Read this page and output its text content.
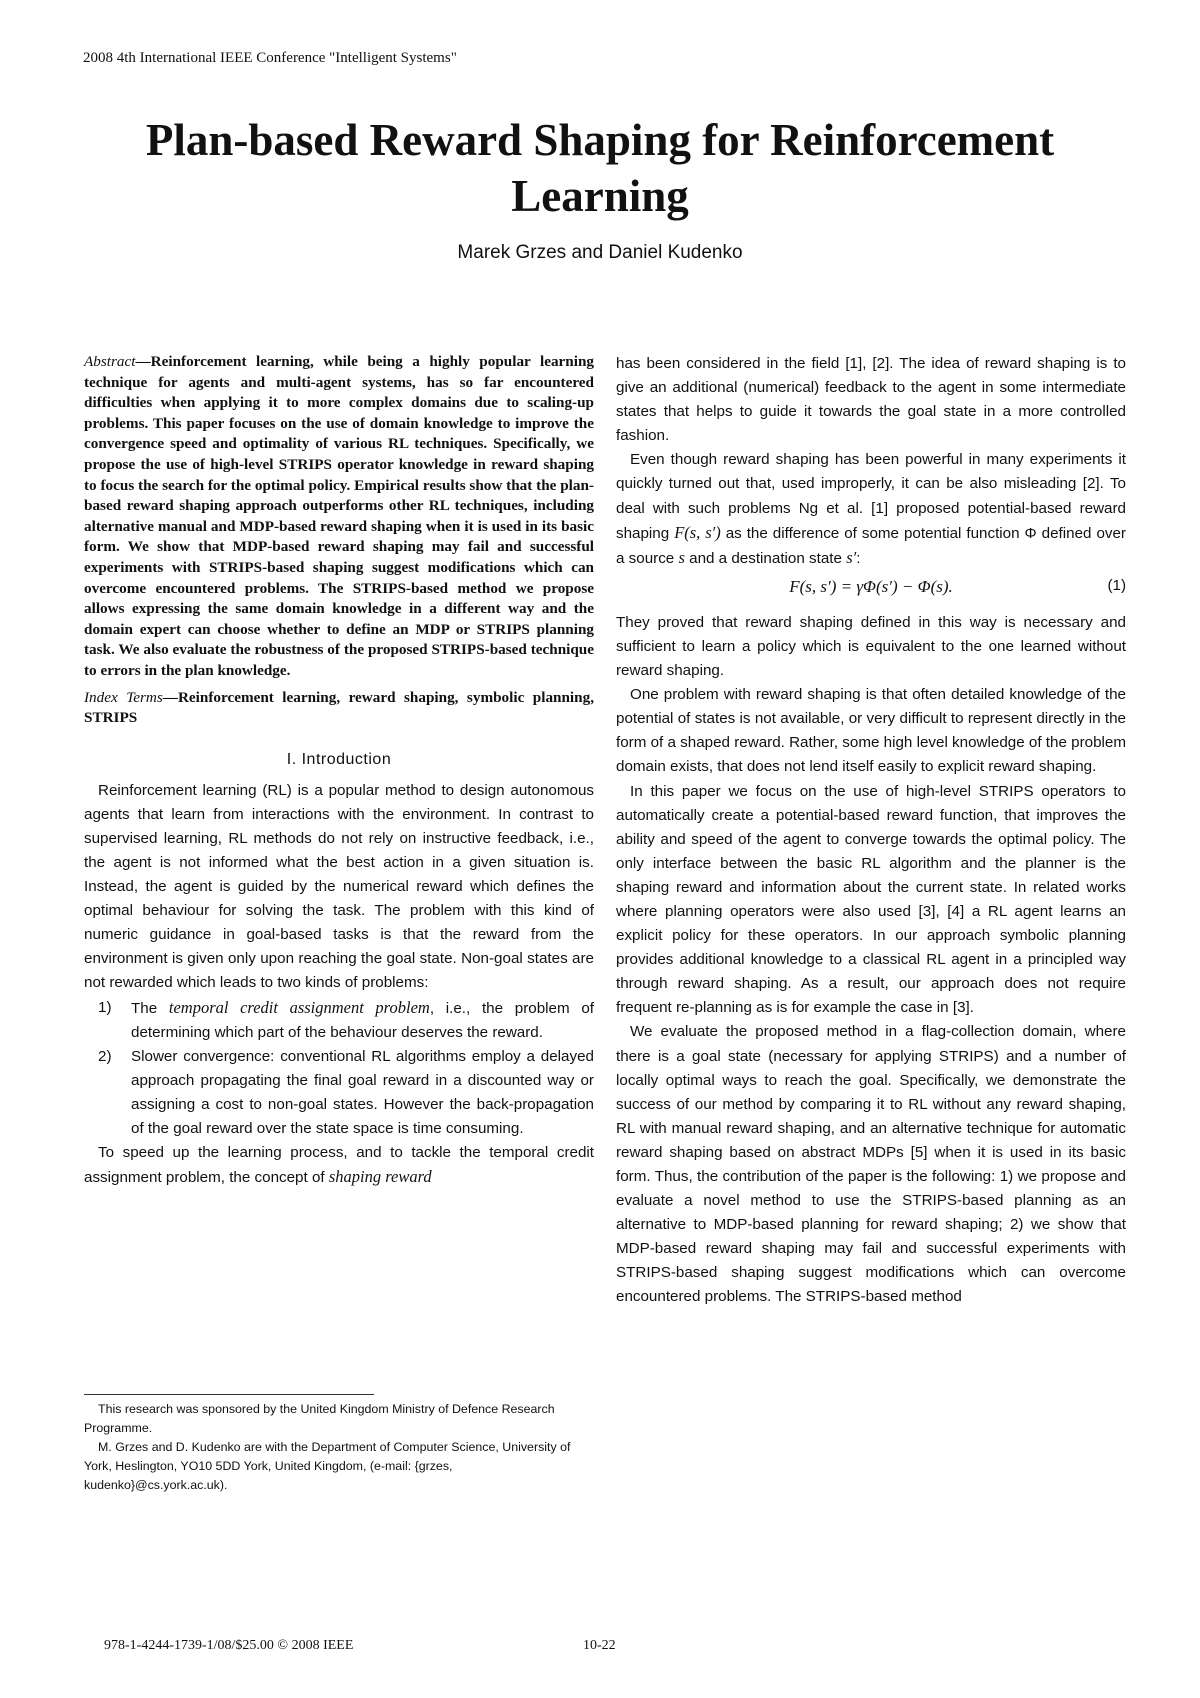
2008 4th International IEEE Conference "Intelligent Systems"
Plan-based Reward Shaping for Reinforcement Learning
Marek Grzes and Daniel Kudenko

Abstract—Reinforcement learning, while being a highly popular learning technique for agents and multi-agent systems, has so far encountered difficulties when applying it to more complex domains due to scaling-up problems. This paper focuses on the use of domain knowledge to improve the convergence speed and optimality of various RL techniques. Specifically, we propose the use of high-level STRIPS operator knowledge in reward shaping to focus the search for the optimal policy. Empirical results show that the plan-based reward shaping approach outperforms other RL techniques, including alternative manual and MDP-based reward shaping when it is used in its basic form. We show that MDP-based reward shaping may fail and successful experiments with STRIPS-based shaping suggest modifications which can overcome encountered problems. The STRIPS-based method we propose allows expressing the same domain knowledge in a different way and the domain expert can choose whether to define an MDP or STRIPS planning task. We also evaluate the robustness of the proposed STRIPS-based technique to errors in the plan knowledge.

Index Terms—Reinforcement learning, reward shaping, symbolic planning, STRIPS

I. Introduction

Reinforcement learning (RL) is a popular method to design autonomous agents that learn from interactions with the environment. In contrast to supervised learning, RL methods do not rely on instructive feedback, i.e., the agent is not informed what the best action in a given situation is. Instead, the agent is guided by the numerical reward which defines the optimal behaviour for solving the task. The problem with this kind of numeric guidance in goal-based tasks is that the reward from the environment is given only upon reaching the goal state. Non-goal states are not rewarded which leads to two kinds of problems:

1) The temporal credit assignment problem, i.e., the problem of determining which part of the behaviour deserves the reward.
2) Slower convergence: conventional RL algorithms employ a delayed approach propagating the final goal reward in a discounted way or assigning a cost to non-goal states. However the back-propagation of the goal reward over the state space is time consuming.

To speed up the learning process, and to tackle the temporal credit assignment problem, the concept of shaping reward

has been considered in the field [1], [2]. The idea of reward shaping is to give an additional (numerical) feedback to the agent in some intermediate states that helps to guide it towards the goal state in a more controlled fashion.

Even though reward shaping has been powerful in many experiments it quickly turned out that, used improperly, it can be also misleading [2]. To deal with such problems Ng et al. [1] proposed potential-based reward shaping F(s, s′) as the difference of some potential function Φ defined over a source s and a destination state s′:

F(s, s′) = γΦ(s′) − Φ(s).	(1)

They proved that reward shaping defined in this way is necessary and sufficient to learn a policy which is equivalent to the one learned without reward shaping.

One problem with reward shaping is that often detailed knowledge of the potential of states is not available, or very difficult to represent directly in the form of a shaped reward. Rather, some high level knowledge of the problem domain exists, that does not lend itself easily to explicit reward shaping.

In this paper we focus on the use of high-level STRIPS operators to automatically create a potential-based reward function, that improves the ability and speed of the agent to converge towards the optimal policy. The only interface between the basic RL algorithm and the planner is the shaping reward and information about the current state. In related works where planning operators were also used [3], [4] a RL agent learns an explicit policy for these operators. In our approach symbolic planning provides additional knowledge to a classical RL agent in a principled way through reward shaping. As a result, our approach does not require frequent re-planning as is for example the case in [3].

We evaluate the proposed method in a flag-collection domain, where there is a goal state (necessary for applying STRIPS) and a number of locally optimal ways to reach the goal. Specifically, we demonstrate the success of our method by comparing it to RL without any reward shaping, RL with manual reward shaping, and an alternative technique for automatic reward shaping based on abstract MDPs [5] when it is used in its basic form. Thus, the contribution of the paper is the following: 1) we propose and evaluate a novel method to use the STRIPS-based planning as an alternative to MDP-based planning for reward shaping; 2) we show that MDP-based reward shaping may fail and successful experiments with STRIPS-based shaping suggest modifications which can overcome encountered problems. The STRIPS-based method

This research was sponsored by the United Kingdom Ministry of Defence Research Programme.

M. Grzes and D. Kudenko are with the Department of Computer Science, University of York, Heslington, YO10 5DD York, United Kingdom, (e-mail: {grzes, kudenko}@cs.york.ac.uk).

978-1-4244-1739-1/08/$25.00 © 2008 IEEE	10-22
